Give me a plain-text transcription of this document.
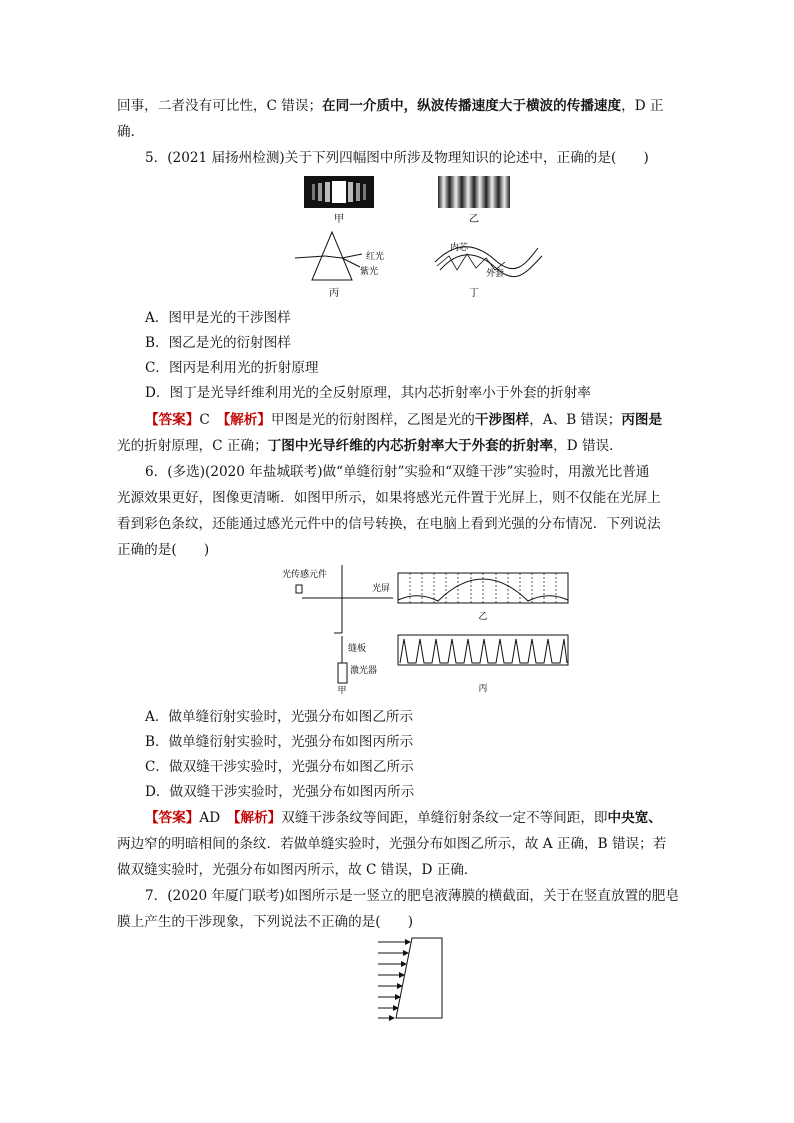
回事，二者没有可比性，C 错误；在同一介质中，纵波传播速度大于横波的传播速度，D 正
确．
5．(2021 届扬州检测)关于下列四幅图中所涉及物理知识的论述中，正确的是(　　)
甲	乙
红光
紫光
丙
内芯
外套
丁
A．图甲是光的干涉图样
B．图乙是光的衍射图样
C．图丙是利用光的折射原理
D．图丁是光导纤维利用光的全反射原理，其内芯折射率小于外套的折射率
【答案】C　 【解析】甲图是光的衍射图样，乙图是光的干涉图样，A、B 错误；丙图是
光的折射原理，C 正确；丁图中光导纤维的内芯折射率大于外套的折射率，D 错误．
6．(多选)(2020 年盐城联考)做“单缝衍射”实验和“双缝干涉”实验时，用激光比普通
光源效果更好，图像更清晰．如图甲所示，如果将感光元件置于光屏上，则不仅能在光屏上
看到彩色条纹，还能通过感光元件中的信号转换，在电脑上看到光强的分布情况．下列说法
正确的是(　　)
光传感元件
光屏
缝板
激光器
甲
乙
丙
A．做单缝衍射实验时，光强分布如图乙所示
B．做单缝衍射实验时，光强分布如图丙所示
C．做双缝干涉实验时，光强分布如图乙所示
D．做双缝干涉实验时，光强分布如图丙所示
【答案】AD　 【解析】双缝干涉条纹等间距，单缝衍射条纹一定不等间距，即中央宽、
两边窄的明暗相间的条纹．若做单缝实验时，光强分布如图乙所示，故 A 正确，B 错误；若
做双缝实验时，光强分布如图丙所示，故 C 错误，D 正确．
7．(2020 年厦门联考)如图所示是一竖立的肥皂液薄膜的横截面，关于在竖直放置的肥皂
膜上产生的干涉现象，下列说法不正确的是(　　)
